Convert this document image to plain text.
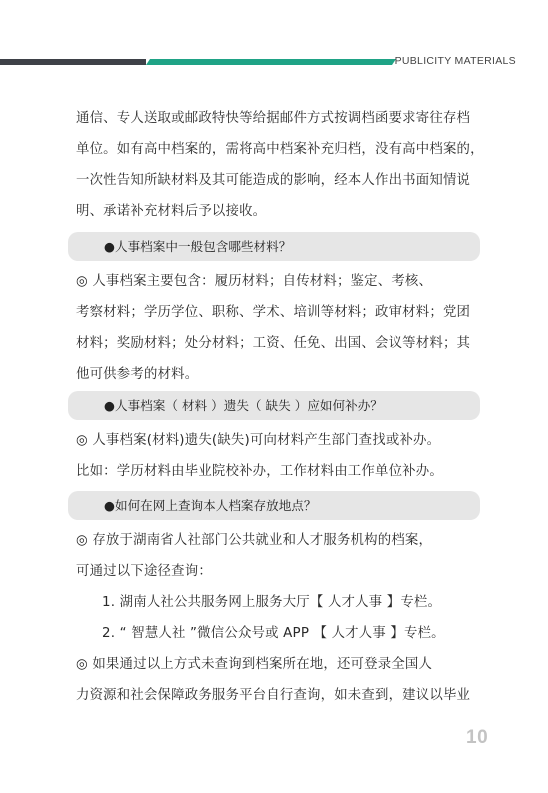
PUBLICITY MATERIALS
通信、专人送取或邮政特快等给据邮件方式按调档函要求寄往存档
单位。如有高中档案的，需将高中档案补充归档，没有高中档案的，
一次性告知所缺材料及其可能造成的影响，经本人作出书面知情说
明、承诺补充材料后予以接收。
●人事档案中一般包含哪些材料？
◎ 人事档案主要包含：履历材料；自传材料；鉴定、考核、
考察材料；学历学位、职称、学术、培训等材料；政审材料；党团
材料；奖励材料；处分材料；工资、任免、出国、会议等材料；其
他可供参考的材料。
●人事档案（ 材料 ）遗失（ 缺失 ）应如何补办？
◎ 人事档案(材料)遗失(缺失)可向材料产生部门查找或补办。
比如：学历材料由毕业院校补办，工作材料由工作单位补办。
●如何在网上查询本人档案存放地点？
◎ 存放于湖南省人社部门公共就业和人才服务机构的档案，
可通过以下途径查询：
1. 湖南人社公共服务网上服务大厅【 人才人事 】专栏。
2. “ 智慧人社 ”微信公众号或 APP 【 人才人事 】专栏。
◎ 如果通过以上方式未查询到档案所在地，还可登录全国人
力资源和社会保障政务服务平台自行查询，如未查到，建议以毕业
10
